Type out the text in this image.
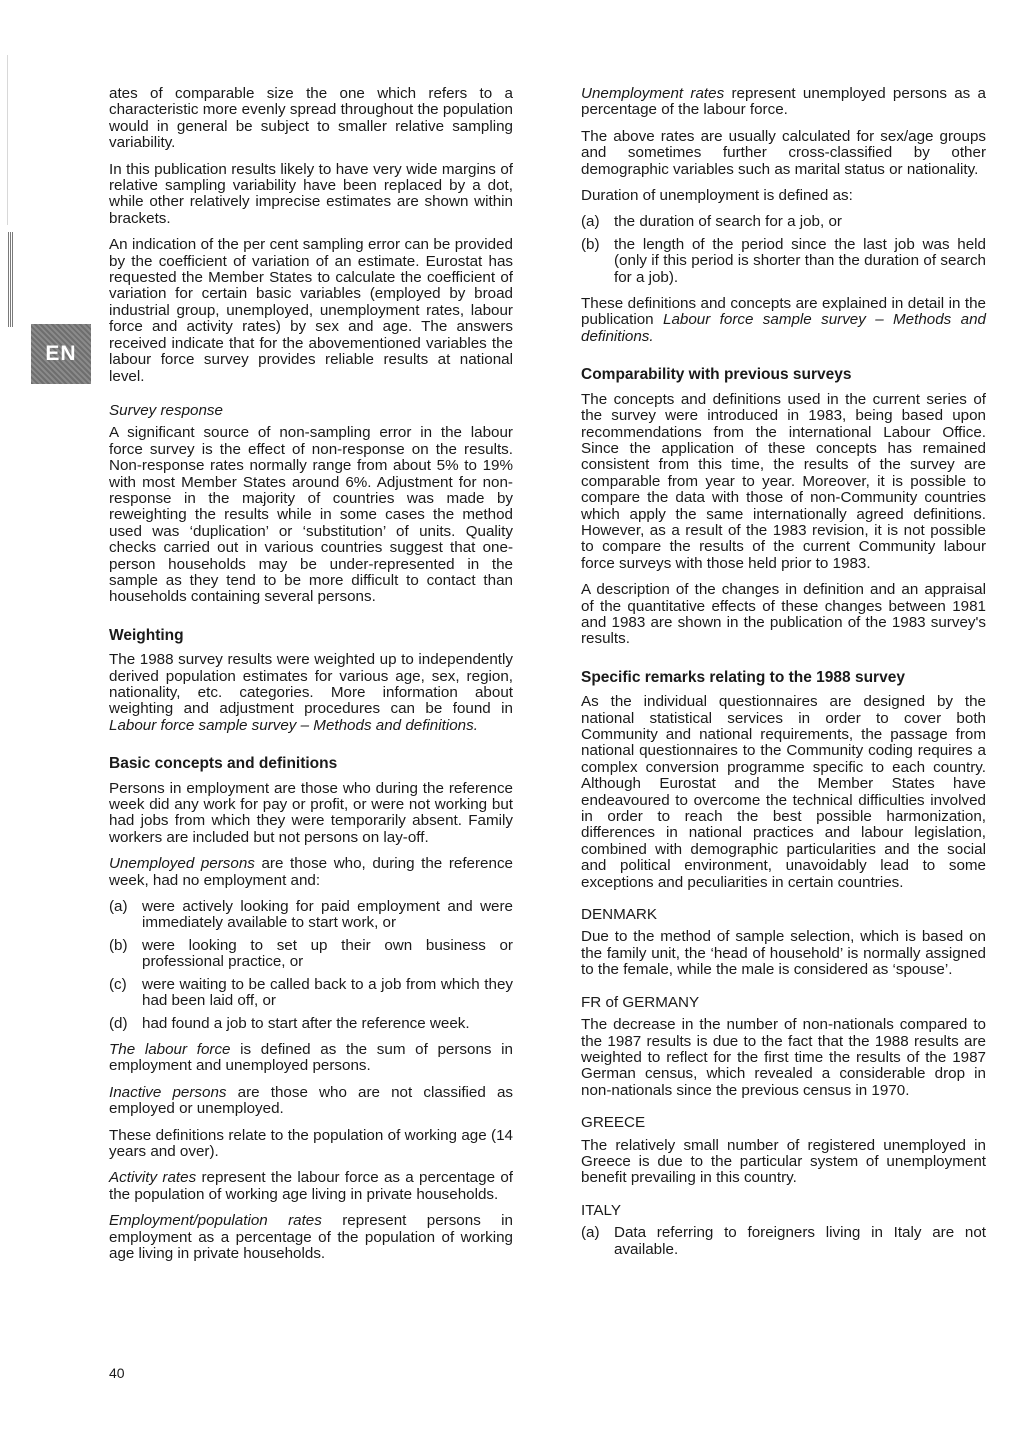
EN

ates of comparable size the one which refers to a characteristic more evenly spread throughout the population would in general be subject to smaller relative sampling variability.

In this publication results likely to have very wide margins of relative sampling variability have been replaced by a dot, while other relatively imprecise estimates are shown within brackets.

An indication of the per cent sampling error can be provided by the coefficient of variation of an estimate. Eurostat has requested the Member States to calculate the coefficient of variation for certain basic variables (employed by broad industrial group, unemployed, unemployment rates, labour force and activity rates) by sex and age. The answers received indicate that for the abovementioned variables the labour force survey provides reliable results at national level.

Survey response

A significant source of non-sampling error in the labour force survey is the effect of non-response on the results. Non-response rates normally range from about 5% to 19% with most Member States around 6%. Adjustment for non-response in the majority of countries was made by reweighting the results while in some cases the method used was ‘duplication’ or ‘substitution’ of units. Quality checks carried out in various countries suggest that one-person households may be under-represented in the sample as they tend to be more difficult to contact than households containing several persons.

Weighting

The 1988 survey results were weighted up to independently derived population estimates for various age, sex, region, nationality, etc. categories. More information about weighting and adjustment procedures can be found in Labour force sample survey – Methods and definitions.

Basic concepts and definitions

Persons in employment are those who during the reference week did any work for pay or profit, or were not working but had jobs from which they were temporarily absent. Family workers are included but not persons on lay-off.

Unemployed persons are those who, during the reference week, had no employment and:

(a) were actively looking for paid employment and were immediately available to start work, or
(b) were looking to set up their own business or professional practice, or
(c)	were waiting to be called back to a job from which they had been laid off, or
(d) had found a job to start after the reference week.

The labour force is defined as the sum of persons in employment and unemployed persons.

Inactive persons are those who are not classified as employed or unemployed.

These definitions relate to the population of working age (14 years and over).

Activity rates represent the labour force as a percentage of the population of working age living in private households.

Employment/population rates represent persons in employment as a percentage of the population of working age living in private households.

Unemployment rates represent unemployed persons as a percentage of the labour force.

The above rates are usually calculated for sex/age groups and sometimes further cross-classified by other demographic variables such as marital status or nationality.

Duration of unemployment is defined as:

(a) the duration of search for a job, or
(b) the length of the period since the last job was held (only if this period is shorter than the duration of search for a job).

These definitions and concepts are explained in detail in the publication Labour force sample survey – Methods and definitions.

Comparability with previous surveys

The concepts and definitions used in the current series of the survey were introduced in 1983, being based upon recommendations from the international Labour Office. Since the application of these concepts has remained consistent from this time, the results of the survey are comparable from year to year. Moreover, it is possible to compare the data with those of non-Community countries which apply the same internationally agreed definitions. However, as a result of the 1983 revision, it is not possible to compare the results of the current Community labour force surveys with those held prior to 1983.

A description of the changes in definition and an appraisal of the quantitative effects of these changes between 1981 and 1983 are shown in the publication of the 1983 survey's results.

Specific remarks relating to the 1988 survey

As the individual questionnaires are designed by the national statistical services in order to cover both Community and national requirements, the passage from national questionnaires to the Community coding requires a complex conversion programme specific to each country. Although Eurostat and the Member States have endeavoured to overcome the technical difficulties involved in order to reach the best possible harmonization, differences in national practices and labour legislation, combined with demographic particularities and the social and political environment, unavoidably lead to some exceptions and peculiarities in certain countries.

DENMARK

Due to the method of sample selection, which is based on the family unit, the ‘head of household’ is normally assigned to the female, while the male is considered as ‘spouse’.

FR of GERMANY

The decrease in the number of non-nationals compared to the 1987 results is due to the fact that the 1988 results are weighted to reflect for the first time the results of the 1987 German census, which revealed a considerable drop in non-nationals since the previous census in 1970.

GREECE

The relatively small number of registered unemployed in Greece is due to the particular system of unemployment benefit prevailing in this country.

ITALY

(a) Data referring to foreigners living in Italy are not available.
40
